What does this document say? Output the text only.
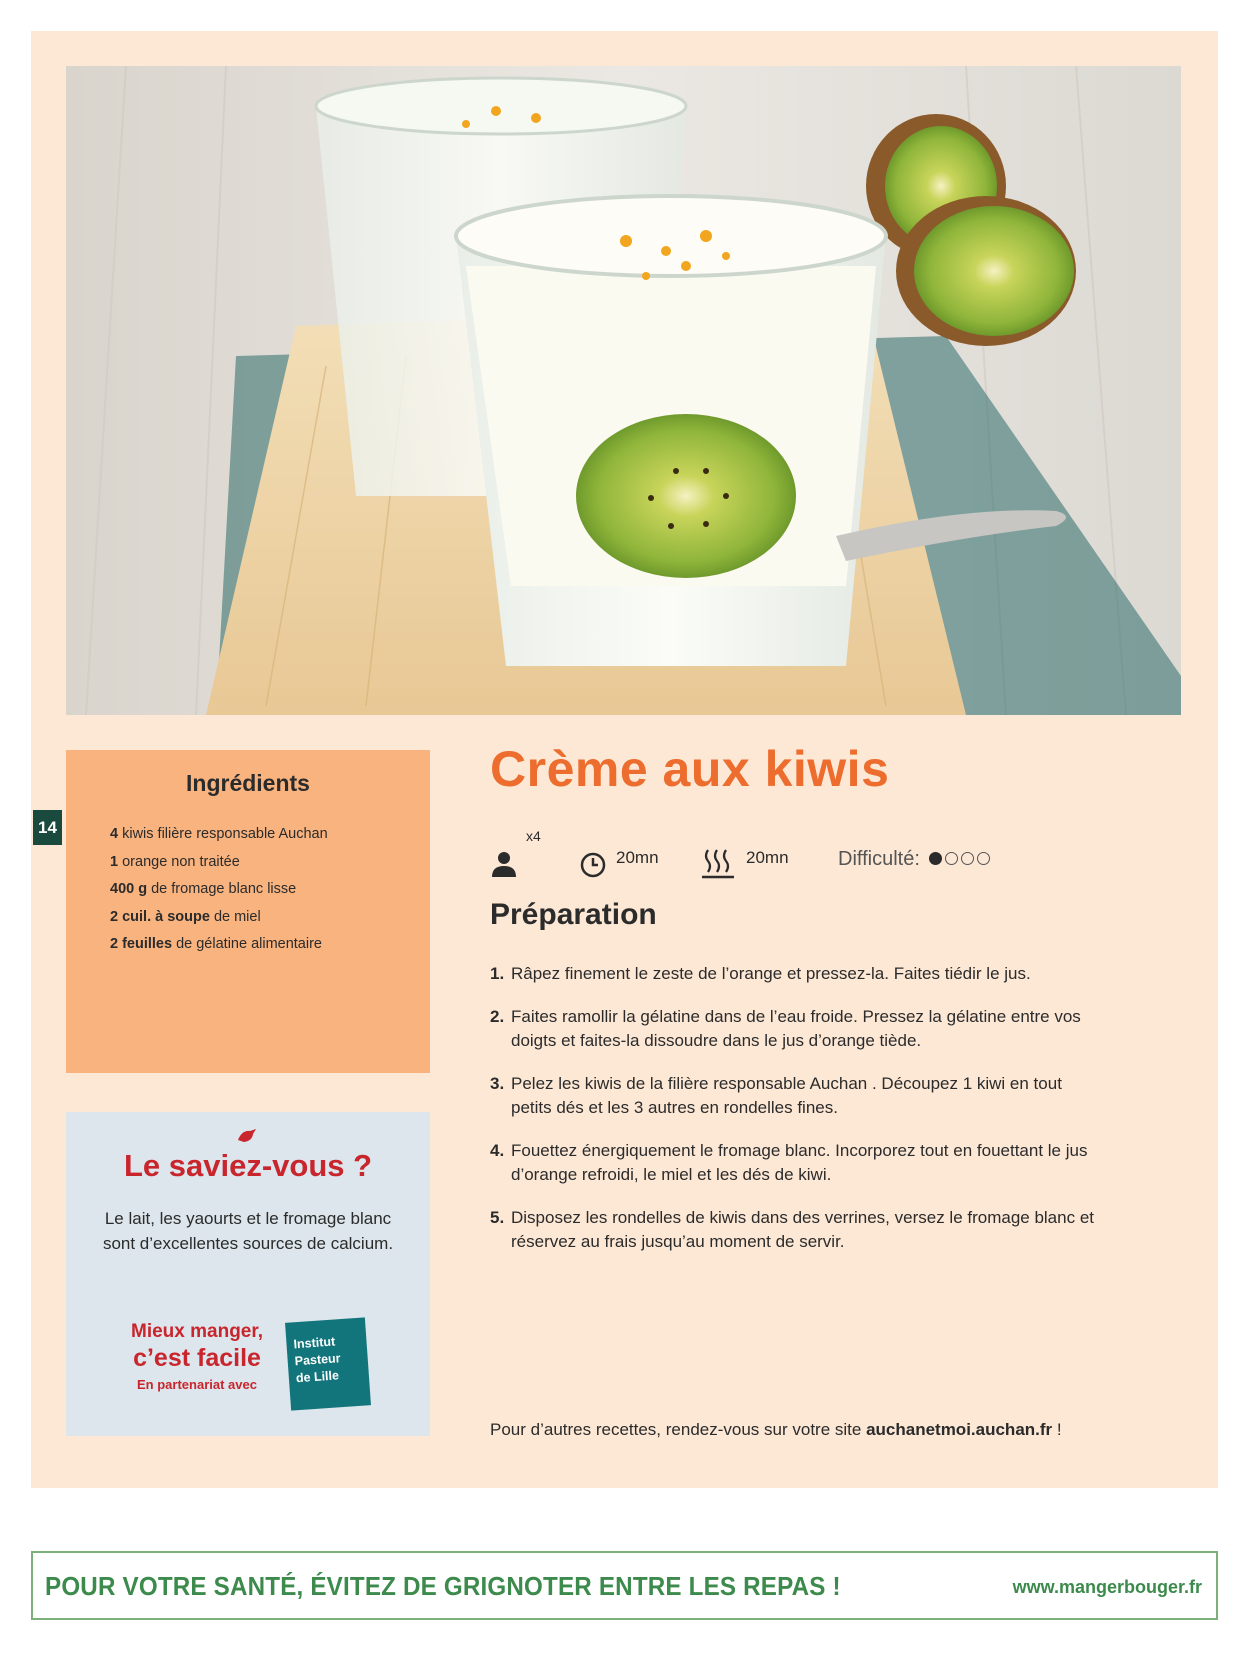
14
Ingrédients
4 kiwis filière responsable Auchan
1 orange non traitée
400 g de fromage blanc lisse
2 cuil. à soupe de miel
2 feuilles de gélatine alimentaire
Le saviez-vous ?
Le lait, les yaourts et le fromage blanc sont d’excellentes sources de calcium.
Mieux manger,
c’est facile
En partenariat avec
Institut
Pasteur
de Lille
Crème aux kiwis
x4
20mn	20mn Difficulté:
Préparation
1. Râpez finement le zeste de l’orange et pressez-la. Faites tiédir le jus.
2. Faites ramollir la gélatine dans de l’eau froide. Pressez la gélatine entre vos doigts et faites-la dissoudre dans le jus d’orange tiède.
3. Pelez les kiwis de la filière responsable Auchan . Découpez 1 kiwi en tout petits dés et les 3 autres en rondelles fines.
4. Fouettez énergiquement le fromage blanc. Incorporez tout en fouettant le jus d’orange refroidi, le miel et les dés de kiwi.
5. Disposez les rondelles de kiwis dans des verrines, versez le fromage blanc et réservez au frais jusqu’au moment de servir.
Pour d’autres recettes, rendez-vous sur votre site auchanetmoi.auchan.fr !
POUR VOTRE SANTÉ, ÉVITEZ DE GRIGNOTER ENTRE LES REPAS !	www.mangerbouger.fr
